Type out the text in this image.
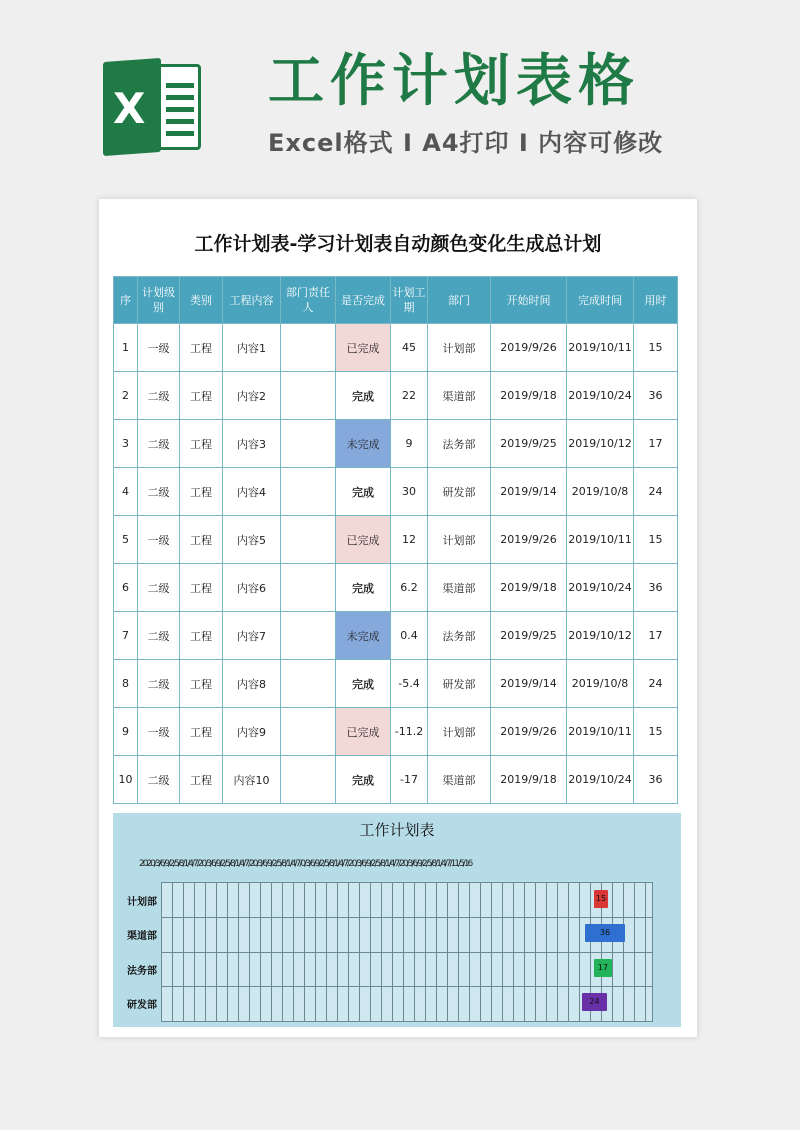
X 工作计划表格
Excel格式 I A4打印 I 内容可修改
工作计划表-学习计划表自动颜色变化生成总计划
序	计划级别	类别	工程内容	部门责任人	是否完成	计划工期	部门	开始时间	完成时间	用时
1	一级	工程	内容1		已完成	45	计划部	2019/9/26	2019/10/11	15
2	二级	工程	内容2		完成	22	渠道部	2019/9/18	2019/10/24	36
3	二级	工程	内容3		未完成	9	法务部	2019/9/25	2019/10/12	17
4	二级	工程	内容4		完成	30	研发部	2019/9/14	2019/10/8	24
5	一级	工程	内容5		已完成	12	计划部	2019/9/26	2019/10/11	15
6	二级	工程	内容6		完成	6.2	渠道部	2019/9/18	2019/10/24	36
7	二级	工程	内容7		未完成	0.4	法务部	2019/9/25	2019/10/12	17
8	二级	工程	内容8		完成	-5.4	研发部	2019/9/14	2019/10/8	24
9	一级	工程	内容9		已完成	-11.2	计划部	2019/9/26	2019/10/11	15
10	二级	工程	内容10		完成	-17	渠道部	2019/9/18	2019/10/24	36
工作计划表
2020/3/6/9/2/5/8/1/4/7/20/3/6/9/2/5/8/1/4/7/20/3/6/9/2/5/8/1/4/7/0/3/6/9/2/5/8/1/4/7/20/3/6/9/2/5/8/1/4/7/20/3/6/9/2/5/8/1/4/7/11/5/16
计划部	15
渠道部	36
法务部	17
研发部	24
